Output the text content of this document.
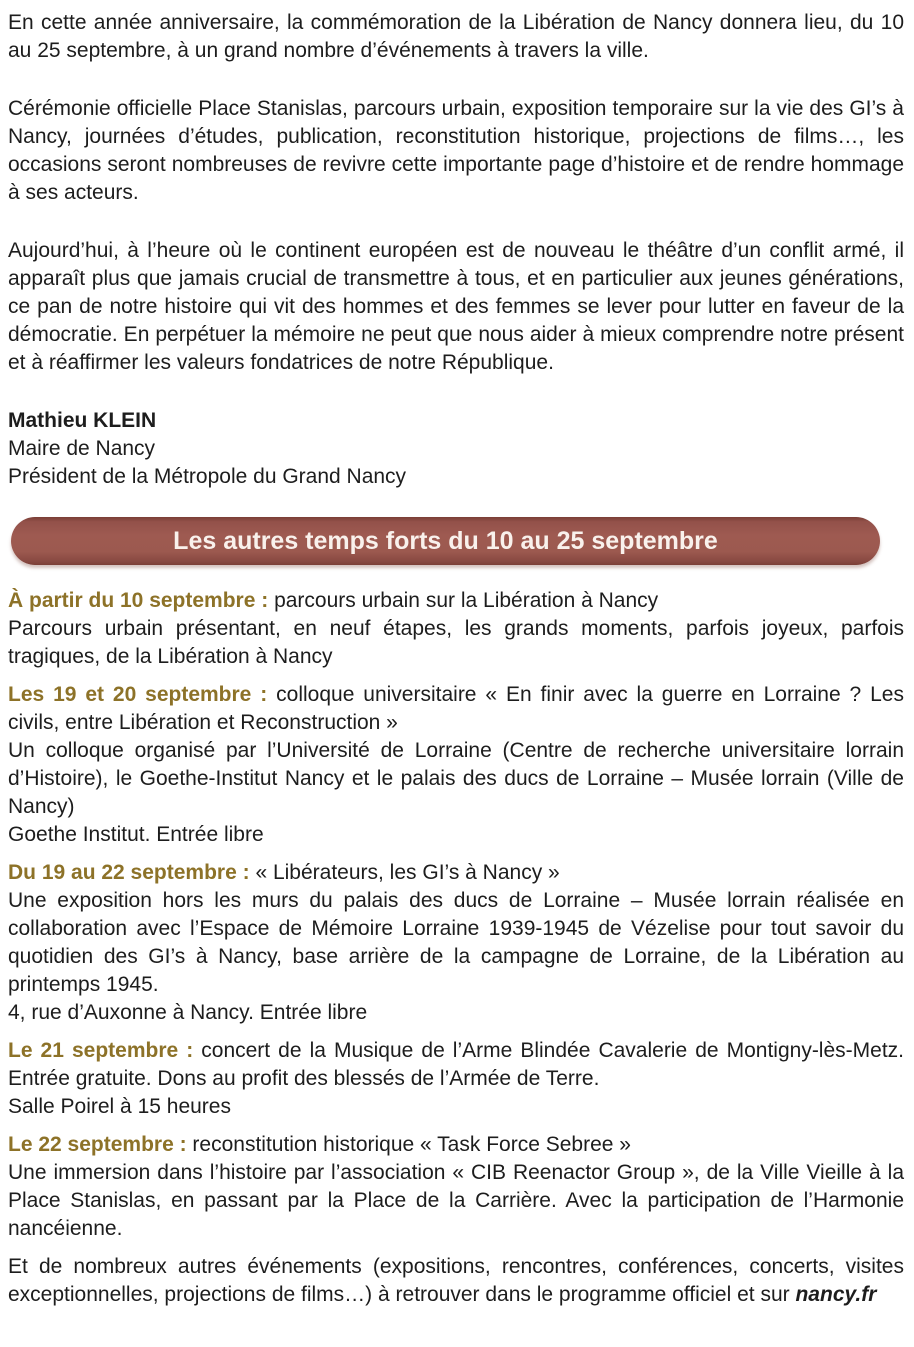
En cette année anniversaire, la commémoration de la Libération de Nancy donnera lieu, du 10 au 25 septembre, à un grand nombre d’événements à travers la ville.

Cérémonie officielle Place Stanislas, parcours urbain, exposition temporaire sur la vie des GI’s à Nancy, journées d’études, publication, reconstitution historique, projections de films…, les occasions seront nombreuses de revivre cette importante page d’histoire et de rendre hommage à ses acteurs.

Aujourd’hui, à l’heure où le continent européen est de nouveau le théâtre d’un conflit armé, il apparaît plus que jamais crucial de transmettre à tous, et en particulier aux jeunes générations, ce pan de notre histoire qui vit des hommes et des femmes se lever pour lutter en faveur de la démocratie. En perpétuer la mémoire ne peut que nous aider à mieux comprendre notre présent et à réaffirmer les valeurs fondatrices de notre République.

Mathieu KLEIN
Maire de Nancy
Président de la Métropole du Grand Nancy
Les autres temps forts du 10 au 25 septembre
À partir du 10 septembre : parcours urbain sur la Libération à Nancy
Parcours urbain présentant, en neuf étapes, les grands moments, parfois joyeux, parfois tragiques, de la Libération à Nancy
Les 19 et 20 septembre : colloque universitaire « En finir avec la guerre en Lorraine ? Les civils, entre Libération et Reconstruction »
Un colloque organisé par l’Université de Lorraine (Centre de recherche universitaire lorrain d’Histoire), le Goethe-Institut Nancy et le palais des ducs de Lorraine – Musée lorrain (Ville de Nancy)
Goethe Institut. Entrée libre
Du 19 au 22 septembre : « Libérateurs, les GI’s à Nancy »
Une exposition hors les murs du palais des ducs de Lorraine – Musée lorrain réalisée en collaboration avec l’Espace de Mémoire Lorraine 1939-1945 de Vézelise pour tout savoir du quotidien des GI’s à Nancy, base arrière de la campagne de Lorraine, de la Libération au printemps 1945.
4, rue d’Auxonne à Nancy. Entrée libre
Le 21 septembre : concert de la Musique de l’Arme Blindée Cavalerie de Montigny-lès-Metz. Entrée gratuite. Dons au profit des blessés de l’Armée de Terre.
Salle Poirel à 15 heures
Le 22 septembre : reconstitution historique « Task Force Sebree »
Une immersion dans l’histoire par l’association « CIB Reenactor Group », de la Ville Vieille à la Place Stanislas, en passant par la Place de la Carrière. Avec la participation de l’Harmonie nancéienne.

Et de nombreux autres événements (expositions, rencontres, conférences, concerts, visites exceptionnelles, projections de films…) à retrouver dans le programme officiel et sur nancy.fr
